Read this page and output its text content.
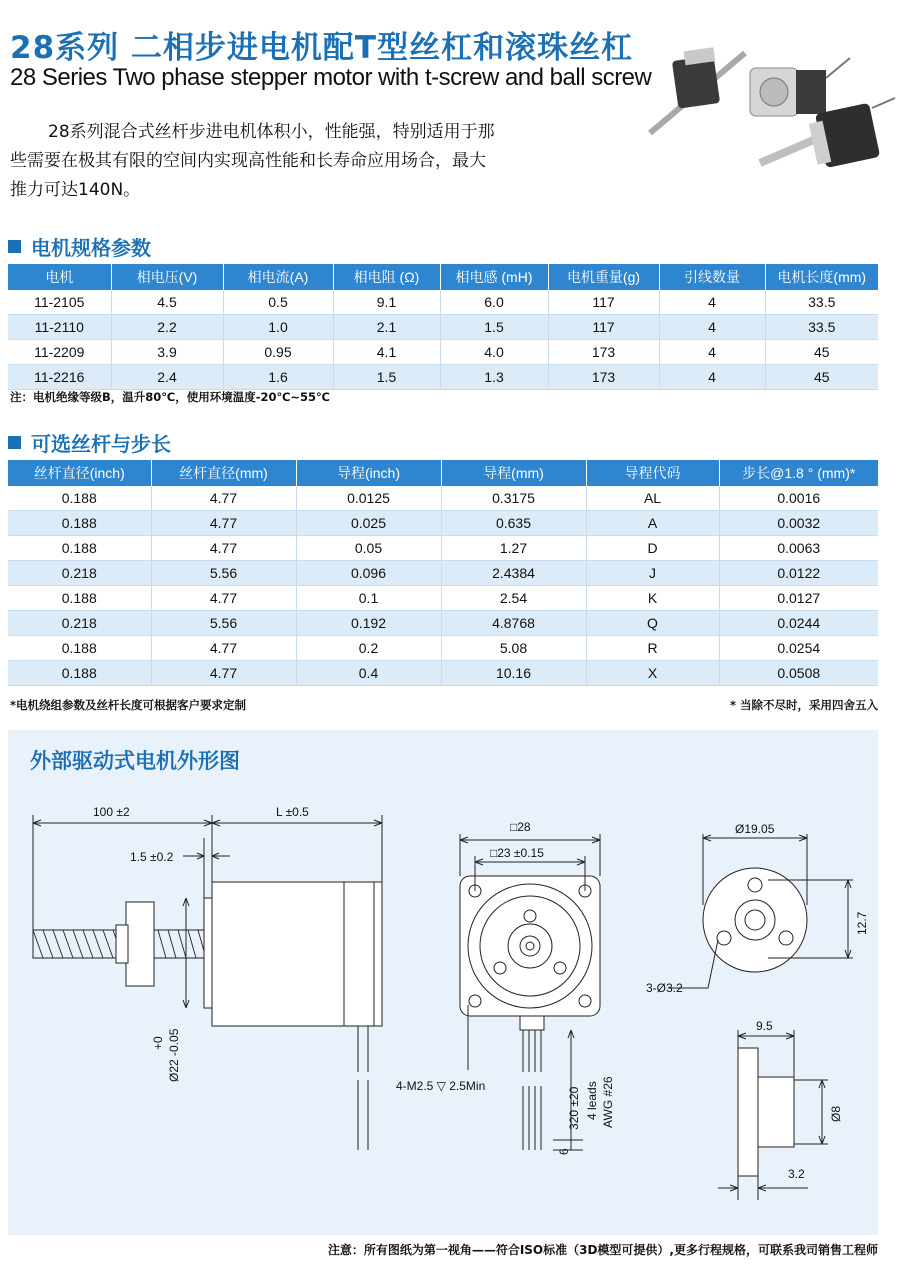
28系列 二相步进电机配T型丝杠和滚珠丝杠
28 Series Two phase stepper motor with t-screw and ball screw
28系列混合式丝杆步进电机体积小，性能强，特别适用于那些需要在极其有限的空间内实现高性能和长寿命应用场合，最大推力可达140N。
电机规格参数
电机	相电压(V)	相电流(A)	相电阻 (Ω)	相电感 (mH)	电机重量(g)	引线数量	电机长度(mm)
11-2105	4.5	0.5	9.1	6.0	117	4	33.5
11-2110	2.2	1.0	2.1	1.5	117	4	33.5
11-2209	3.9	0.95	4.1	4.0	173	4	45
11-2216	2.4	1.6	1.5	1.3	173	4	45
注：电机绝缘等级B，温升80℃，使用环境温度-20℃~55℃
可选丝杆与步长
丝杆直径(inch)	丝杆直径(mm)	导程(inch)	导程(mm)	导程代码	步长@1.8 ° (mm)*
0.188	4.77	0.0125	0.3175	AL	0.0016
0.188	4.77	0.025	0.635	A	0.0032
0.188	4.77	0.05	1.27	D	0.0063
0.218	5.56	0.096	2.4384	J	0.0122
0.188	4.77	0.1	2.54	K	0.0127
0.218	5.56	0.192	4.8768	Q	0.0244
0.188	4.77	0.2	5.08	R	0.0254
0.188	4.77	0.4	10.16	X	0.0508
*电机绕组参数及丝杆长度可根据客户要求定制	* 当除不尽时，采用四舍五入
100 ±2	L ±0.5
1.5 ±0.2
Ø22 -0.05
+0
□28
□23 ±0.15
4-M2.5 ▽ 2.5Min
320 ±20 4 leads AWG #26
6
Ø19.05
12.7
3-Ø3.2
9.5
Ø8
3.2
外部驱动式电机外形图
注意：所有图纸为第一视角——符合ISO标准（3D模型可提供）,更多行程规格，可联系我司销售工程师
